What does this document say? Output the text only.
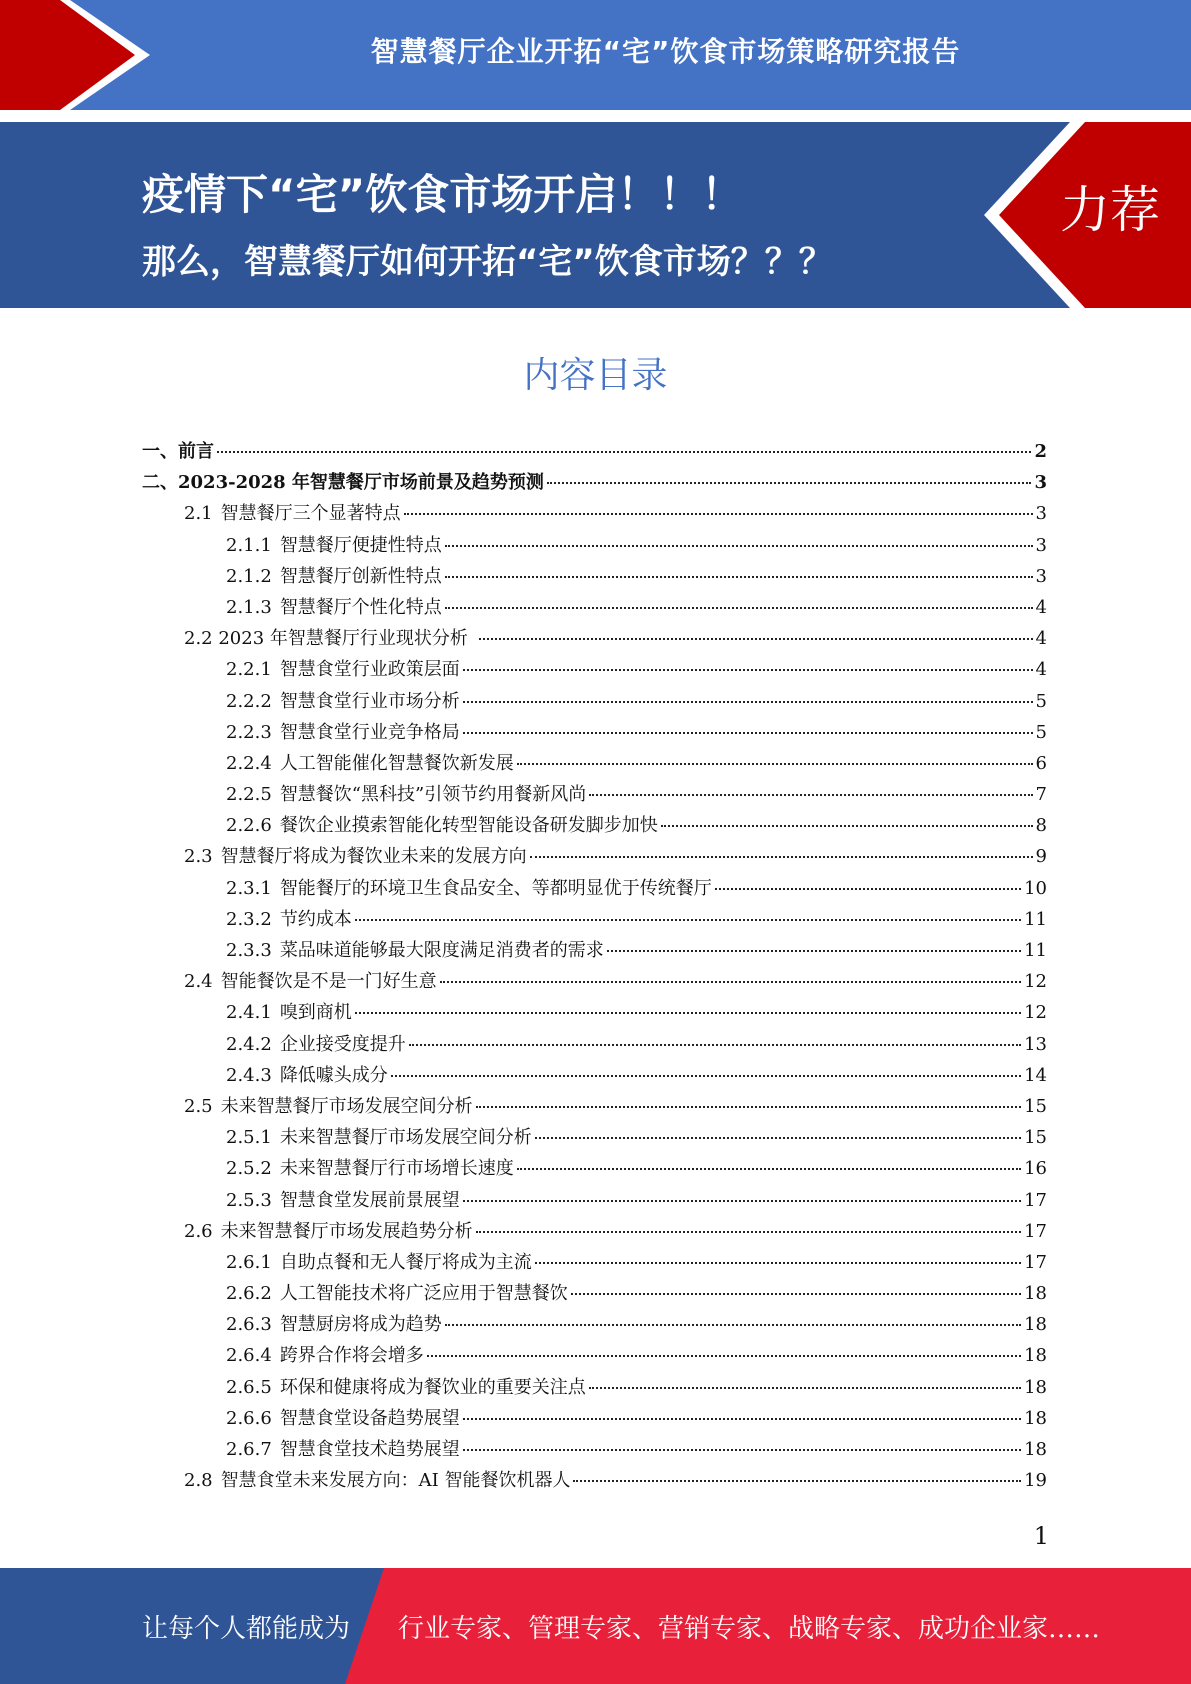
智慧餐厅企业开拓“宅”饮食市场策略研究报告
疫情下“宅”饮食市场开启！！！
那么，智慧餐厅如何开拓“宅”饮食市场？？？
力荐
内容目录
一、前言	2
二、2023-2028 年智慧餐厅市场前景及趋势预测	3
2.1 智慧餐厅三个显著特点	3
2.1.1 智慧餐厅便捷性特点	3
2.1.2 智慧餐厅创新性特点	3
2.1.3 智慧餐厅个性化特点	4
2.2 2023 年智慧餐厅行业现状分析	4
2.2.1 智慧食堂行业政策层面	4
2.2.2 智慧食堂行业市场分析	5
2.2.3 智慧食堂行业竞争格局	5
2.2.4 人工智能催化智慧餐饮新发展	6
2.2.5 智慧餐饮“黑科技”引领节约用餐新风尚	7
2.2.6 餐饮企业摸索智能化转型智能设备研发脚步加快	8
2.3 智慧餐厅将成为餐饮业未来的发展方向	9
2.3.1 智能餐厅的环境卫生食品安全、等都明显优于传统餐厅	10
2.3.2 节约成本	11
2.3.3 菜品味道能够最大限度满足消费者的需求	11
2.4 智能餐饮是不是一门好生意	12
2.4.1 嗅到商机	12
2.4.2 企业接受度提升	13
2.4.3 降低噱头成分	14
2.5 未来智慧餐厅市场发展空间分析	15
2.5.1 未来智慧餐厅市场发展空间分析	15
2.5.2 未来智慧餐厅行市场增长速度	16
2.5.3 智慧食堂发展前景展望	17
2.6 未来智慧餐厅市场发展趋势分析	17
2.6.1 自助点餐和无人餐厅将成为主流	17
2.6.2 人工智能技术将广泛应用于智慧餐饮	18
2.6.3 智慧厨房将成为趋势	18
2.6.4 跨界合作将会增多	18
2.6.5 环保和健康将成为餐饮业的重要关注点	18
2.6.6 智慧食堂设备趋势展望	18
2.6.7 智慧食堂技术趋势展望	18
2.8 智慧食堂未来发展方向：AI 智能餐饮机器人	19
1
让每个人都能成为 行业专家、管理专家、营销专家、战略专家、成功企业家……
